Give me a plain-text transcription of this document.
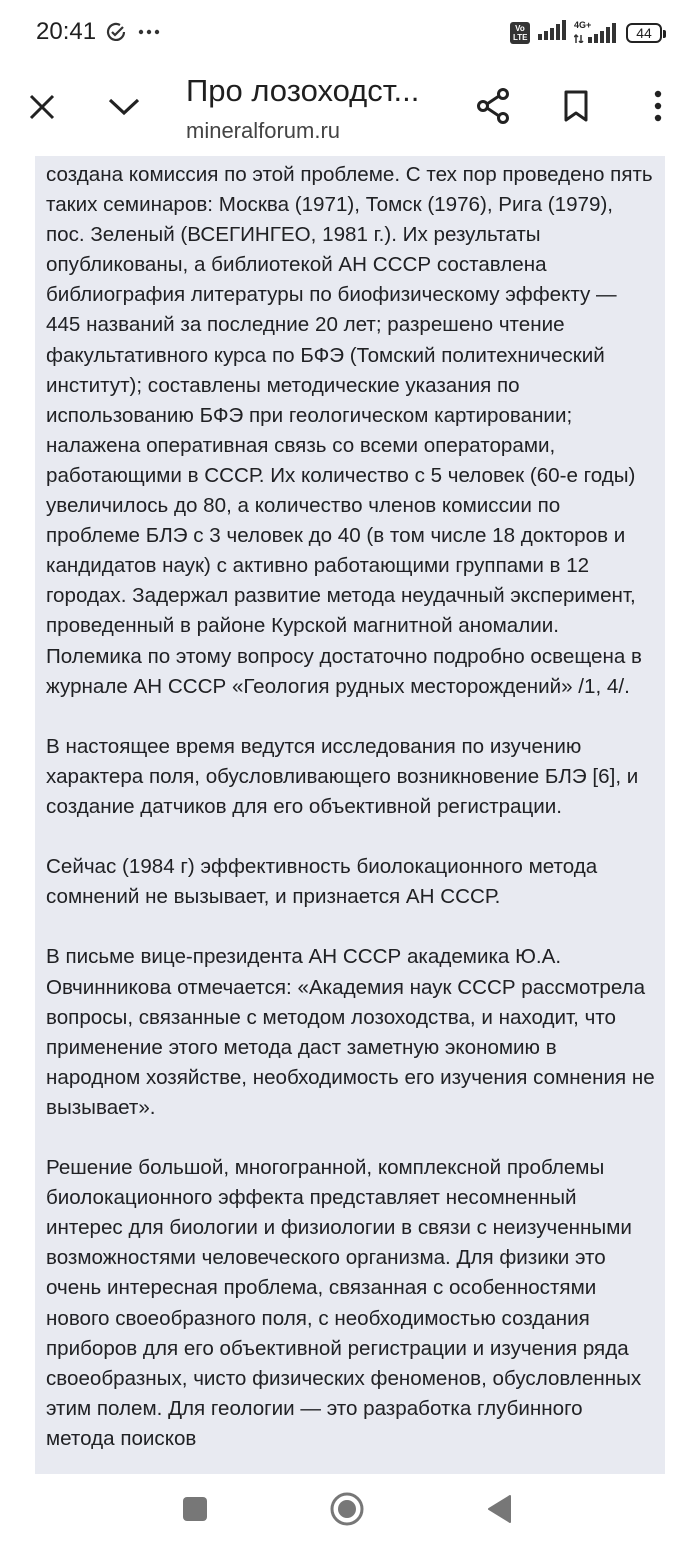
20:41	Vo LTE
4G+	44
Про лозоходст...
mineralforum.ru

создана комиссия по этой проблеме. С тех пор проведено пять таких семинаров: Москва (1971), Томск (1976), Рига (1979), пос. Зеленый (ВСЕГИНГЕО, 1981 г.). Их результаты опубликованы, а библиотекой АН СССР составлена библиография литературы по биофизическому эффекту — 445 названий за последние 20 лет; разрешено чтение факультативного курса по БФЭ (Томский политехнический институт); составлены методические указания по использованию БФЭ при геологическом картировании; налажена оперативная связь со всеми операторами, работающими в СССР. Их количество с 5 человек (60-е годы) увеличилось до 80, а количество членов комиссии по проблеме БЛЭ с 3 человек до 40 (в том числе 18 докторов и кандидатов наук) с активно работающими группами в 12 городах. Задержал развитие метода неудачный эксперимент, проведенный в районе Курской магнитной аномалии. Полемика по этому вопросу достаточно подробно освещена в журнале АН СССР «Геология рудных месторождений» /1, 4/.

В настоящее время ведутся исследования по изучению характера поля, обусловливающего возникновение БЛЭ [6], и создание датчиков для его объективной регистрации.

Сейчас (1984 г) эффективность биолокационного метода сомнений не вызывает, и признается АН СССР.

В письме вице-президента АН СССР академика Ю.А. Овчинникова отмечается: «Академия наук СССР рассмотрела вопросы, связанные с методом лозоходства, и находит, что применение этого метода даст заметную экономию в народном хозяйстве, необходимость его изучения сомнения не вызывает».

Решение большой, многогранной, комплексной проблемы биолокационного эффекта представляет несомненный интерес для биологии и физиологии в связи с неизученными возможностями человеческого организма. Для физики это очень интересная проблема, связанная с особенностями нового своеобразного поля, с необходимостью создания приборов для его объективной регистрации и изучения ряда своеобразных, чисто физических феноменов, обусловленных этим полем. Для геологии — это разработка глубинного метода поисков
